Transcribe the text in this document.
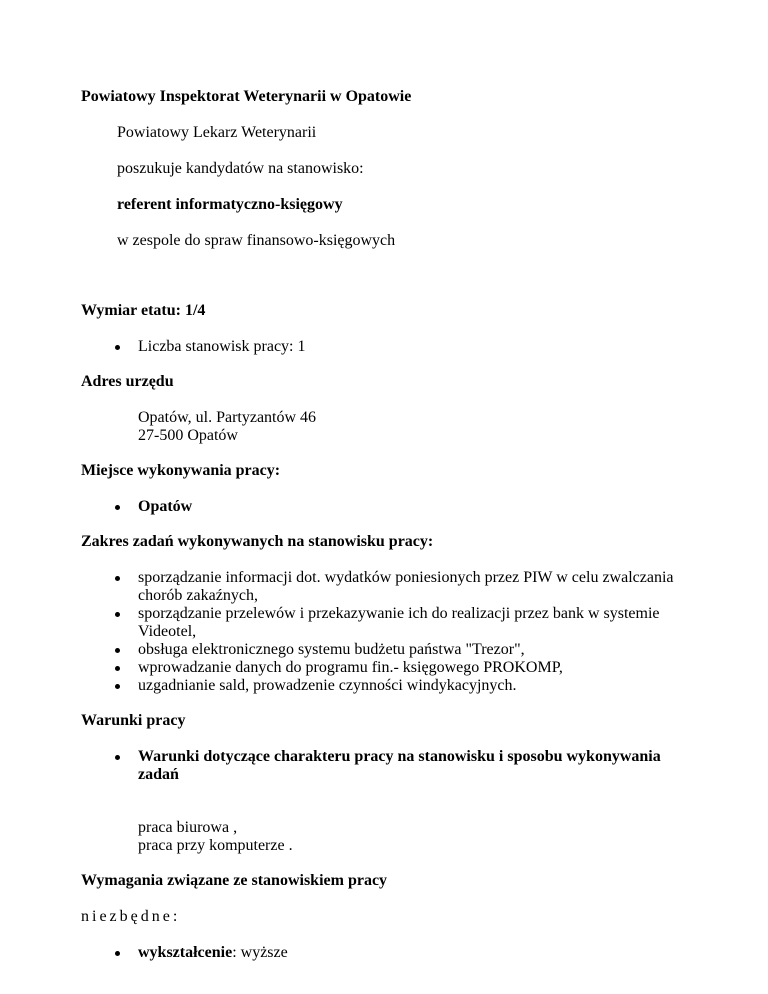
Powiatowy Inspektorat Weterynarii w Opatowie

Powiatowy Lekarz Weterynarii

poszukuje kandydatów na stanowisko:

referent informatyczno-księgowy

w zespole do spraw finansowo-księgowych

Wymiar etatu: 1/4

Liczba stanowisk pracy: 1

Adres urzędu

Opatów, ul. Partyzantów 46

27-500 Opatów

Miejsce wykonywania pracy:

Opatów

Zakres zadań wykonywanych na stanowisku pracy:

sporządzanie informacji dot. wydatków poniesionych przez PIW w celu zwalczania chorób zakaźnych,
sporządzanie przelewów i przekazywanie ich do realizacji przez bank w systemie Videotel,
obsługa elektronicznego systemu budżetu państwa "Trezor",
wprowadzanie danych do programu fin.- księgowego PROKOMP,
uzgadnianie sald, prowadzenie czynności windykacyjnych.

Warunki pracy

Warunki dotyczące charakteru pracy na stanowisku i sposobu wykonywania zadań

praca biurowa ,

praca przy komputerze .

Wymagania związane ze stanowiskiem pracy

niezbędne:

wykształcenie: wyższe
